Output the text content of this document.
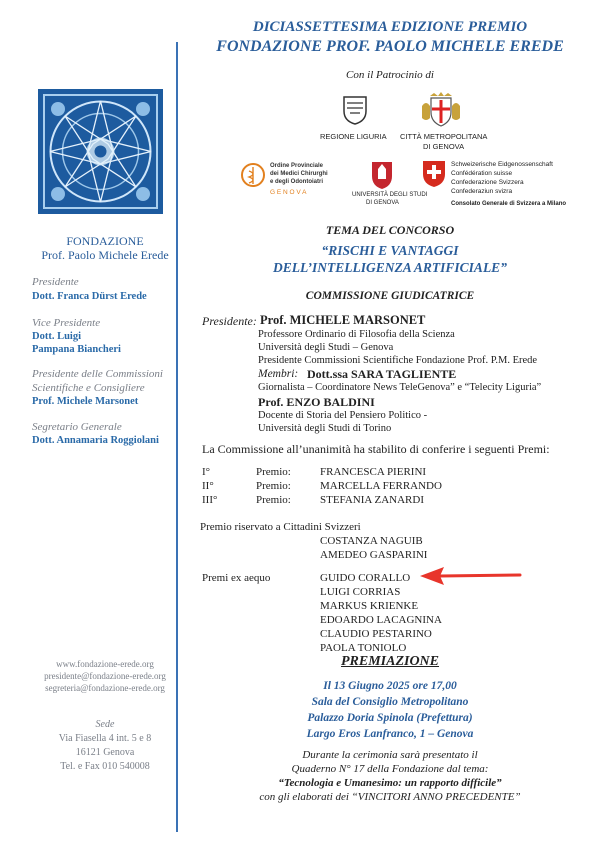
FONDAZIONE
Prof. Paolo Michele Erede
Presidente
Dott. Franca Dürst Erede
Vice Presidente
Dott. Luigi
Pampana Biancheri
Presidente delle Commissioni
Scientifiche e Consigliere
Prof. Michele Marsonet
Segretario Generale
Dott. Annamaria Roggiolani
www.fondazione-erede.org
presidente@fondazione-erede.org
segreteria@fondazione-erede.org
Sede
Via Fiasella 4 int. 5 e 8
16121 Genova
Tel. e Fax 010 540008
DICIASSETTESIMA EDIZIONE PREMIO
FONDAZIONE PROF. PAOLO MICHELE EREDE
Con il Patrocinio di
REGIONE LIGURIA CITTÀ METROPOLITANA
DI GENOVA
Ordine Provinciale
dei Medici Chirurghi
e degli Odontoiatri
G E N O V A	UNIVERSITÀ DEGLI STUDI
DI GENOVA
Schweizerische Eidgenossenschaft
Confédération suisse
Confederazione Svizzera
Confederaziun svizra
Consolato Generale di Svizzera a Milano
TEMA DEL CONCORSO
“RISCHI E VANTAGGI
DELL’INTELLIGENZA ARTIFICIALE”
COMMISSIONE GIUDICATRICE
Presidente: Prof. MICHELE MARSONET
Professore Ordinario di Filosofia della Scienza
Università degli Studi – Genova
Presidente Commissioni Scientifiche Fondazione Prof. P.M. Erede
Membri: Dott.ssa SARA TAGLIENTE
Giornalista – Coordinatore News TeleGenova” e “Telecity Liguria”
Prof. ENZO BALDINI
Docente di Storia del Pensiero Politico -
Università degli Studi di Torino
La Commissione all’unanimità ha stabilito di conferire i seguenti Premi:
I°	Premio:	FRANCESCA PIERINI
II°	Premio:	MARCELLA FERRANDO
III°	Premio:	STEFANIA ZANARDI
Premio riservato a Cittadini Svizzeri
COSTANZA NAGUIB
AMEDEO GASPARINI
Premi ex aequo	GUIDO CORALLO
LUIGI CORRIAS
MARKUS KRIENKE
EDOARDO LACAGNINA
CLAUDIO PESTARINO
PAOLA TONIOLO
PREMIAZIONE
Il 13 Giugno 2025 ore 17,00
Sala del Consiglio Metropolitano
Palazzo Doria Spinola (Prefettura)
Largo Eros Lanfranco, 1 – Genova
Durante la cerimonia sarà presentato il
Quaderno N° 17 della Fondazione dal tema:
“Tecnologia e Umanesimo: un rapporto difficile”
con gli elaborati dei “VINCITORI ANNO PRECEDENTE”
